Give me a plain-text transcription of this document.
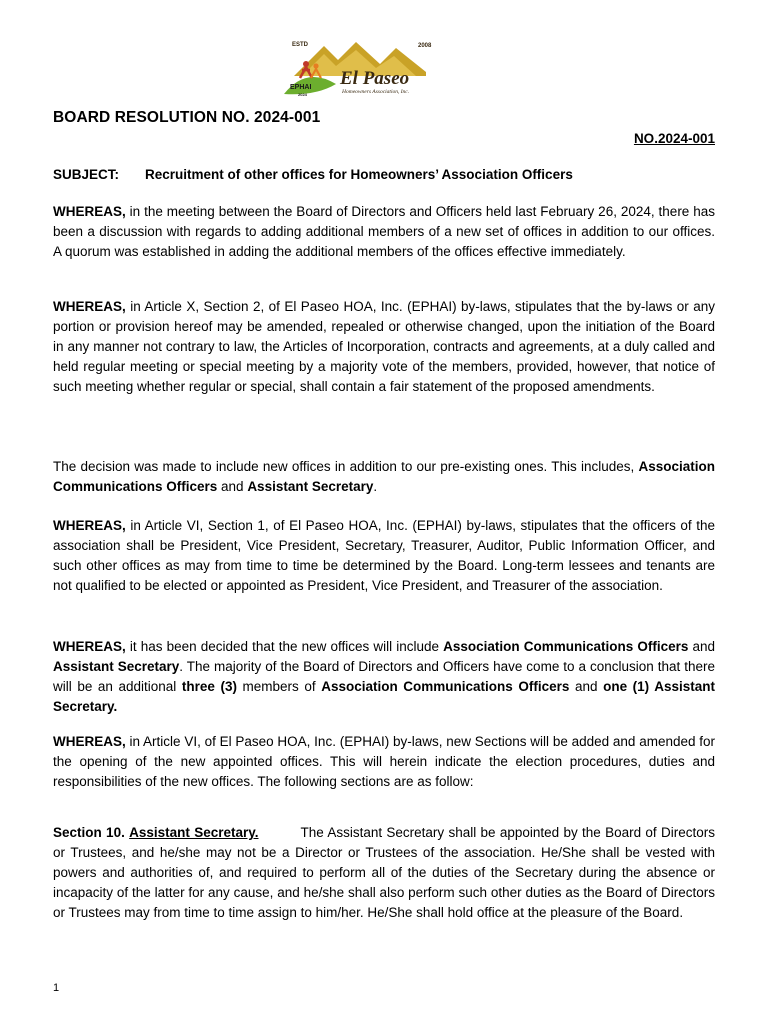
ESTD	2008
EPHAI
2024
El Paseo
Homeowners Association, Inc.
BOARD RESOLUTION NO. 2024-001
NO.2024-001
SUBJECT: Recruitment of other offices for Homeowners’ Association Officers

WHEREAS, in the meeting between the Board of Directors and Officers held last February 26, 2024, there has been a discussion with regards to adding additional members of a new set of offices in addition to our offices. A quorum was established in adding the additional members of the offices effective immediately.

WHEREAS, in Article X, Section 2, of El Paseo HOA, Inc. (EPHAI) by-laws, stipulates that the by-laws or any portion or provision hereof may be amended, repealed or otherwise changed, upon the initiation of the Board in any manner not contrary to law, the Articles of Incorporation, contracts and agreements, at a duly called and held regular meeting or special meeting by a majority vote of the members, provided, however, that notice of such meeting whether regular or special, shall contain a fair statement of the proposed amendments.

The decision was made to include new offices in addition to our pre-existing ones. This includes, Association Communications Officers and Assistant Secretary.

WHEREAS, in Article VI, Section 1, of El Paseo HOA, Inc. (EPHAI) by-laws, stipulates that the officers of the association shall be President, Vice President, Secretary, Treasurer, Auditor, Public Information Officer, and such other offices as may from time to time be determined by the Board. Long-term lessees and tenants are not qualified to be elected or appointed as President, Vice President, and Treasurer of the association.

WHEREAS, it has been decided that the new offices will include Association Communications Officers and Assistant Secretary. The majority of the Board of Directors and Officers have come to a conclusion that there will be an additional three (3) members of Association Communications Officers and one (1) Assistant Secretary.

WHEREAS, in Article VI, of El Paseo HOA, Inc. (EPHAI) by-laws, new Sections will be added and amended for the opening of the new appointed offices. This will herein indicate the election procedures, duties and responsibilities of the new offices. The following sections are as follow:

Section 10. Assistant Secretary.	The Assistant Secretary shall be appointed by the Board of Directors or Trustees, and he/she may not be a Director or Trustees of the association. He/She shall be vested with powers and authorities of, and required to perform all of the duties of the Secretary during the absence or incapacity of the latter for any cause, and he/she shall also perform such other duties as the Board of Directors or Trustees may from time to time assign to him/her. He/She shall hold office at the pleasure of the Board.

1
